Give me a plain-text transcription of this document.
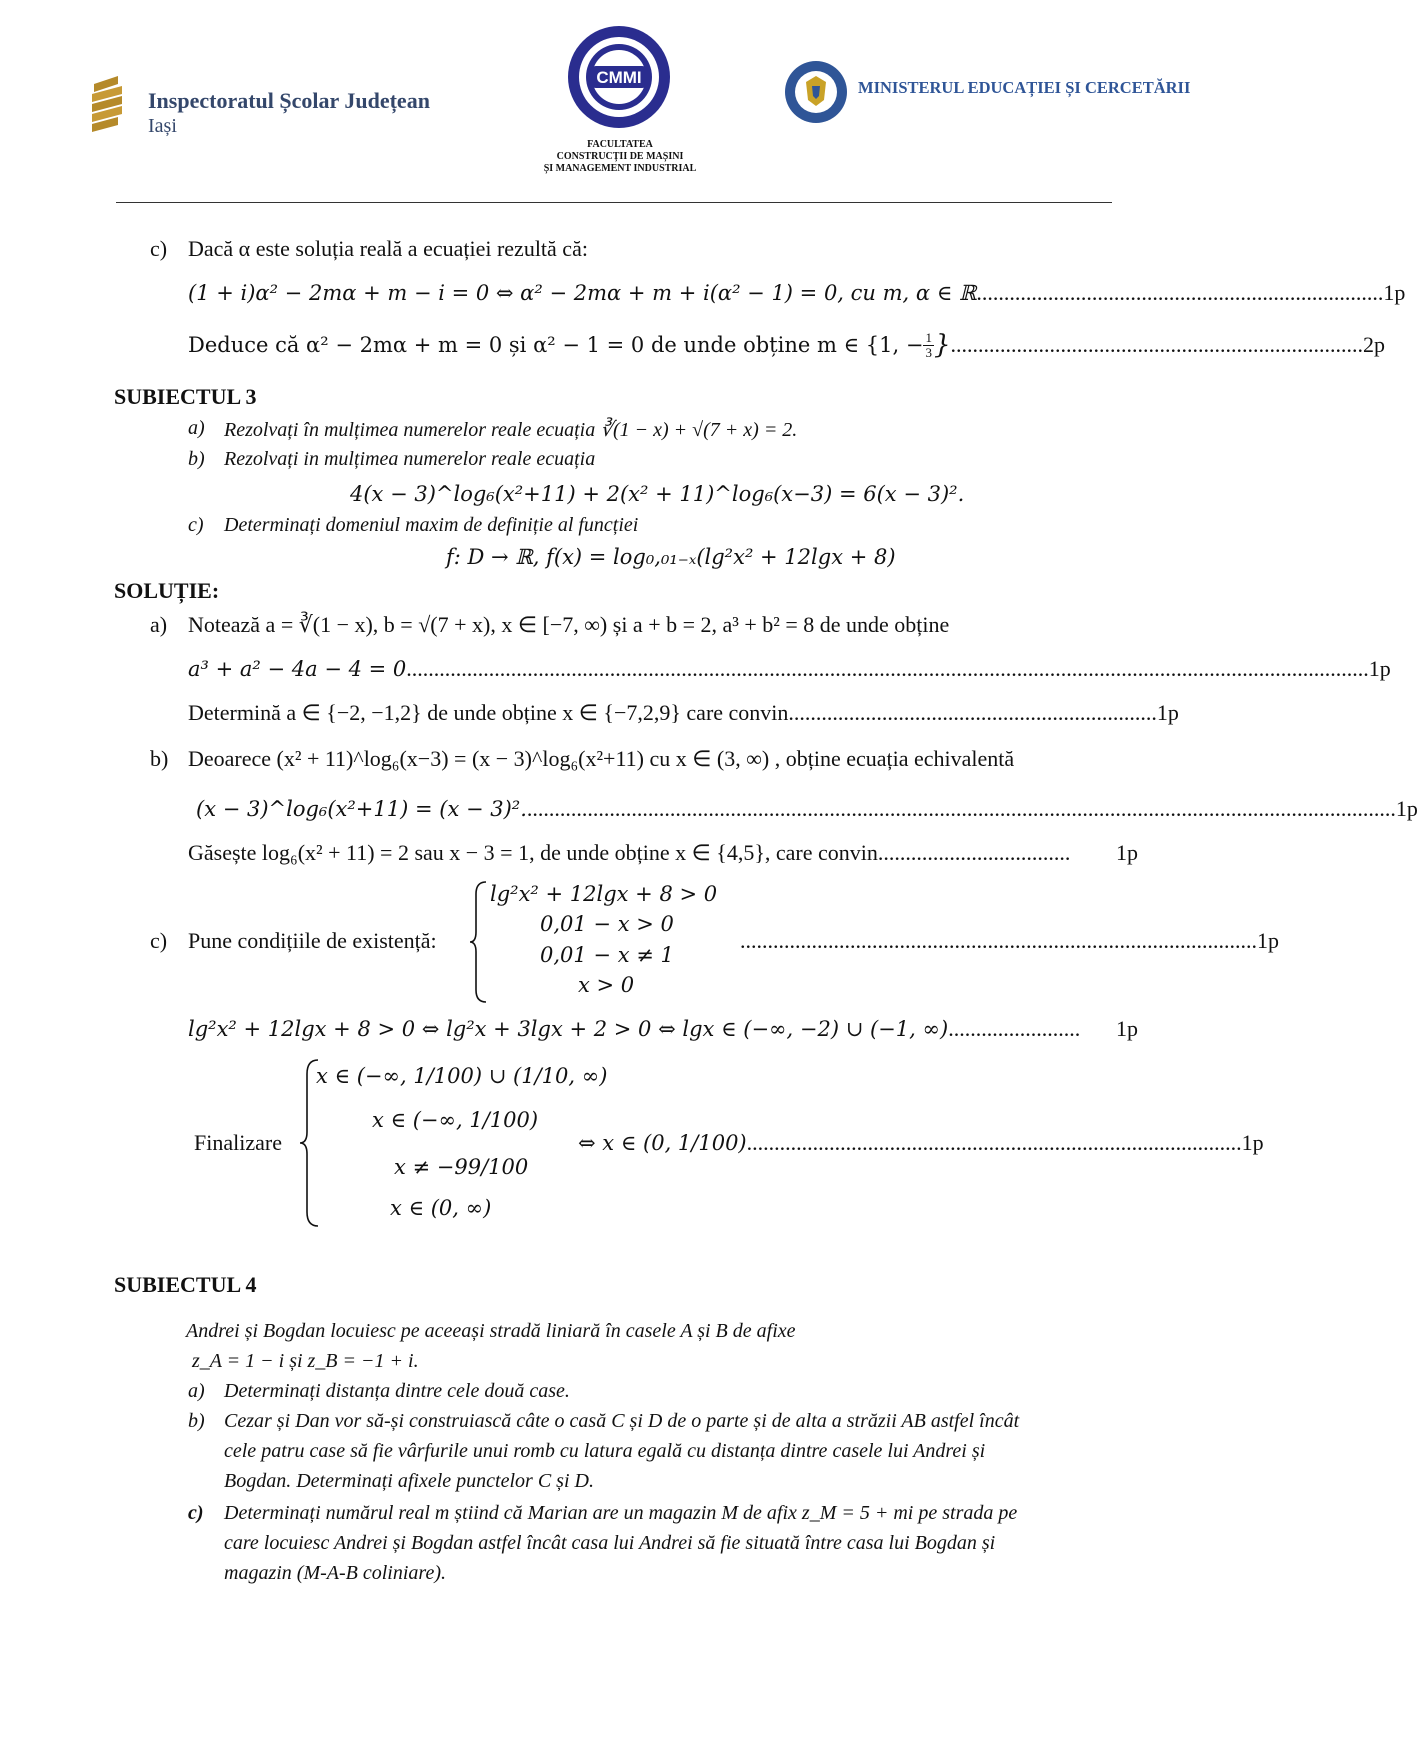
Inspectoratul Școlar Județean
Iași
CMMI
FACULTATEA
CONSTRUCȚII DE MAȘINI
ȘI MANAGEMENT INDUSTRIAL
MINISTERUL EDUCAȚIEI ȘI CERCETĂRII
c) Dacă α este soluția reală a ecuației rezultă că:
(1 + i)α² − 2mα + m − i = 0 ⇔ α² − 2mα + m + i(α² − 1) = 0, cu m, α ∈ ℝ .......................................................................... 1p
Deduce că α² − 2mα + m = 0 și α² − 1 = 0 de unde obține m ∈ {1, − $\frac{1}{3}$ } ........................................................................... 2p
SUBIECTUL 3
a) Rezolvați în mulțimea numerelor reale ecuația ∛(1 − x) + √(7 + x) = 2.
b) Rezolvați in mulțimea numerelor reale ecuația
4(x − 3)^log₆(x²+11) + 2(x² + 11)^log₆(x−3) = 6(x − 3)².
c) Determinați domeniul maxim de definiție al funcției
f: D → ℝ, f(x) = log₀,₀₁₋ₓ(lg²x² + 12lgx + 8)
SOLUȚIE:
a) Notează a = ∛(1 − x), b = √(7 + x), x ∈ [−7, ∞) și a + b = 2, a³ + b² = 8 de unde obține
a³ + a² − 4a − 4 = 0 ............................................................................................................................................................................... 1p
Determină a ∈ {−2, −1,2} de unde obține x ∈ {−7,2,9} care convin ................................................................... 1p
b) Deoarece (x² + 11)^log₆(x−3) = (x − 3)^log₆(x²+11) cu x ∈ (3, ∞) , obține ecuația echivalentă
(x − 3)^log₆(x²+11) = (x − 3)². .............................................................................................................................................................. 1p
Găsește log₆(x² + 11) = 2 sau x − 3 = 1, de unde obține x ∈ {4,5}, care convin ...................................	1p
c) Pune condițiile de existență:
lg²x² + 12lgx + 8 > 0
0,01 − x > 0
0,01 − x ≠ 1
x > 0
.............................................................................................. 1p
lg²x² + 12lgx + 8 > 0 ⇔ lg²x + 3lgx + 2 > 0 ⇔ lgx ∈ (−∞, −2) ∪ (−1, ∞) ........................	1p
Finalizare
x ∈ (−∞, 1/100) ∪ (1/10, ∞)
x ∈ (−∞, 1/100)
x ≠ −99/100
x ∈ (0, ∞)
⇔ x ∈ (0, 1/100) .......................................................................................... 1p
SUBIECTUL 4
Andrei și Bogdan locuiesc pe aceeași stradă liniară în casele A și B de afixe
z_A = 1 − i și z_B = −1 + i.
a) Determinați distanța dintre cele două case.
b) Cezar și Dan vor să-și construiască câte o casă C și D de o parte și de alta a străzii AB astfel încât
cele patru case să fie vârfurile unui romb cu latura egală cu distanța dintre casele lui Andrei și
Bogdan. Determinați afixele punctelor C și D.
c) Determinați numărul real m știind că Marian are un magazin M de afix z_M = 5 + mi pe strada pe
care locuiesc Andrei și Bogdan astfel încât casa lui Andrei să fie situată între casa lui Bogdan și
magazin (M-A-B coliniare).
